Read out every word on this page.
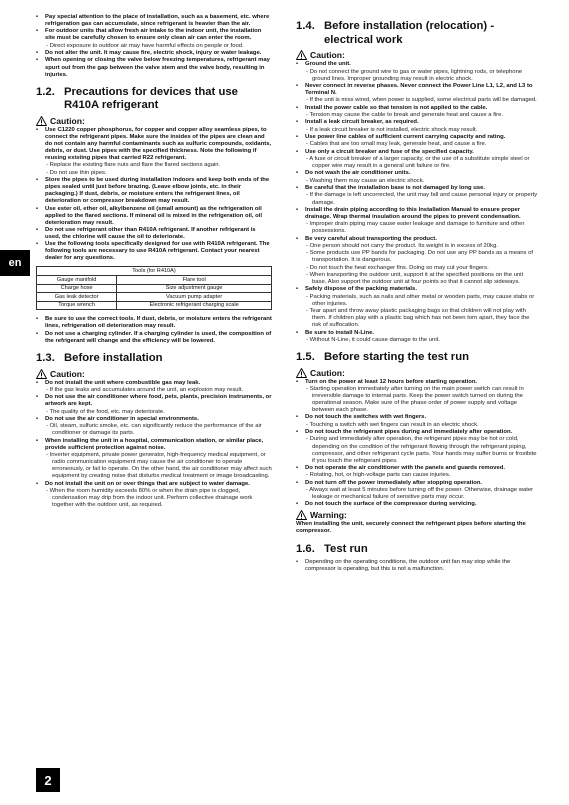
en
• Pay special attention to the place of installation, such as a basement, etc. where refrigeration gas can accumulate, since refrigerant is heavier than the air.
• For outdoor units that allow fresh air intake to the indoor unit, the installation site must be carefully chosen to ensure only clean air can enter the room.
- Direct exposure to outdoor air may have harmful effects on people or food.
• Do not alter the unit. It may cause fire, electric shock, injury or water leakage.
• When opening or closing the valve below freezing temperatures, refrigerant may spurt out from the gap between the valve stem and the valve body, resulting in injuries.
1.2. Precautions for devices that use R410A refrigerant
Caution:
• Use C1220 copper phosphorus, for copper and copper alloy seamless pipes, to connect the refrigerant pipes. Make sure the insides of the pipes are clean and do not contain any harmful contaminants such as sulfuric compounds, oxidants, debris, or dust. Use pipes with the specified thickness. Note the following if reusing existing pipes that carried R22 refrigerant.
- Replace the existing flare nuts and flare the flared sections again.
- Do not use thin pipes.
• Store the pipes to be used during installation indoors and keep both ends of the pipes sealed until just before brazing. (Leave elbow joints, etc. in their packaging.) If dust, debris, or moisture enters the refrigerant lines, oil deterioration or compressor breakdown may result.
• Use ester oil, ether oil, alkylbenzene oil (small amount) as the refrigeration oil applied to the flared sections. If mineral oil is mixed in the refrigeration oil, oil deterioration may result.
• Do not use refrigerant other than R410A refrigerant. If another refrigerant is used, the chlorine will cause the oil to deteriorate.
• Use the following tools specifically designed for use with R410A refrigerant. The following tools are necessary to use R410A refrigerant. Contact your nearest dealer for any questions.
Tools (for R410A)	
Gauge manifold	Flare tool
Charge hose	Size adjustment gauge
Gas leak detector	Vacuum pump adapter
Torque wrench	Electronic refrigerant charging scale
• Be sure to use the correct tools. If dust, debris, or moisture enters the refrigerant lines, refrigeration oil deterioration may result.
• Do not use a charging cylinder. If a charging cylinder is used, the composition of the refrigerant will change and the efficiency will be lowered.
1.3. Before installation
Caution:
• Do not install the unit where combustible gas may leak.
- If the gas leaks and accumulates around the unit, an explosion may result.
• Do not use the air conditioner where food, pets, plants, precision instruments, or artwork are kept.
- The quality of the food, etc. may deteriorate.
• Do not use the air conditioner in special environments.
- Oil, steam, sulfuric smoke, etc. can significantly reduce the performance of the air conditioner or damage its parts.
• When installing the unit in a hospital, communication station, or similar place, provide sufficient protection against noise.
- Inverter equipment, private power generator, high-frequency medical equipment, or radio communication equipment may cause the air conditioner to operate erroneously, or fail to operate. On the other hand, the air conditioner may affect such equipment by creating noise that disturbs medical treatment or image broadcasting.
• Do not install the unit on or over things that are subject to water damage.
- When the room humidity exceeds 80% or when the drain pipe is clogged, condensation may drip from the indoor unit. Perform collective drainage work together with the outdoor unit, as required.
1.4. Before installation (relocation) - electrical work
Caution:
• Ground the unit.
- Do not connect the ground wire to gas or water pipes, lightning rods, or telephone ground lines. Improper grounding may result in electric shock.
• Never connect in reverse phases. Never connect the Power Line L1, L2, and L3 to Terminal N.
- If the unit is miss wired, when power is supplied, some electrical parts will be damaged.
• Install the power cable so that tension is not applied to the cable.
- Tension may cause the cable to break and generate heat and cause a fire.
• Install a leak circuit breaker, as required.
- If a leak circuit breaker is not installed, electric shock may result.
• Use power line cables of sufficient current carrying capacity and rating.
- Cables that are too small may leak, generate heat, and cause a fire.
• Use only a circuit breaker and fuse of the specified capacity.
- A fuse or circuit breaker of a larger capacity, or the use of a substitute simple steel or copper wire may result in a general unit failure or fire.
• Do not wash the air conditioner units.
- Washing them may cause an electric shock.
• Be careful that the installation base is not damaged by long use.
- If the damage is left uncorrected, the unit may fall and cause personal injury or property damage.
• Install the drain piping according to this Installation Manual to ensure proper drainage. Wrap thermal insulation around the pipes to prevent condensation.
- Improper drain piping may cause water leakage and damage to furniture and other possessions.
• Be very careful about transporting the product.
- One person should not carry the product. Its weight is in excess of 20kg.
- Some products use PP bands for packaging. Do not use any PP bands as a means of transportation. It is dangerous.
- Do not touch the heat exchanger fins. Doing so may cut your fingers.
- When transporting the outdoor unit, support it at the specified positions on the unit base. Also support the outdoor unit at four points so that it cannot slip sideways.
• Safely dispose of the packing materials.
- Packing materials, such as nails and other metal or wooden parts, may cause stabs or other injuries.
- Tear apart and throw away plastic packaging bags so that children will not play with them. If children play with a plastic bag which has not been torn apart, they face the risk of suffocation.
• Be sure to install N-Line.
- Without N-Line, it could cause damage to the unit.
1.5. Before starting the test run
Caution:
• Turn on the power at least 12 hours before starting operation.
- Starting operation immediately after turning on the main power switch can result in irreversible damage to internal parts. Keep the power switch turned on during the operational season. Make sure of the phase order of power supply and voltage between each phase.
• Do not touch the switches with wet fingers.
- Touching a switch with wet fingers can result in an electric shock.
• Do not touch the refrigerant pipes during and immediately after operation.
- During and immediately after operation, the refrigerant pipes may be hot or cold, depending on the condition of the refrigerant flowing through the refrigerant piping, compressor, and other refrigerant cycle parts. Your hands may suffer burns or frostbite if you touch the refrigerant pipes.
• Do not operate the air conditioner with the panels and guards removed.
- Rotating, hot, or high-voltage parts can cause injuries.
• Do not turn off the power immediately after stopping operation.
- Always wait at least 5 minutes before turning off the power. Otherwise, drainage water leakage or mechanical failure of sensitive parts may occur.
• Do not touch the surface of the compressor during servicing.
Warning:
When installing the unit, securely connect the refrigerant pipes before starting the compressor.
1.6. Test run
• Depending on the operating conditions, the outdoor unit fan may stop while the compressor is operating, but this is not a malfunction.
2
